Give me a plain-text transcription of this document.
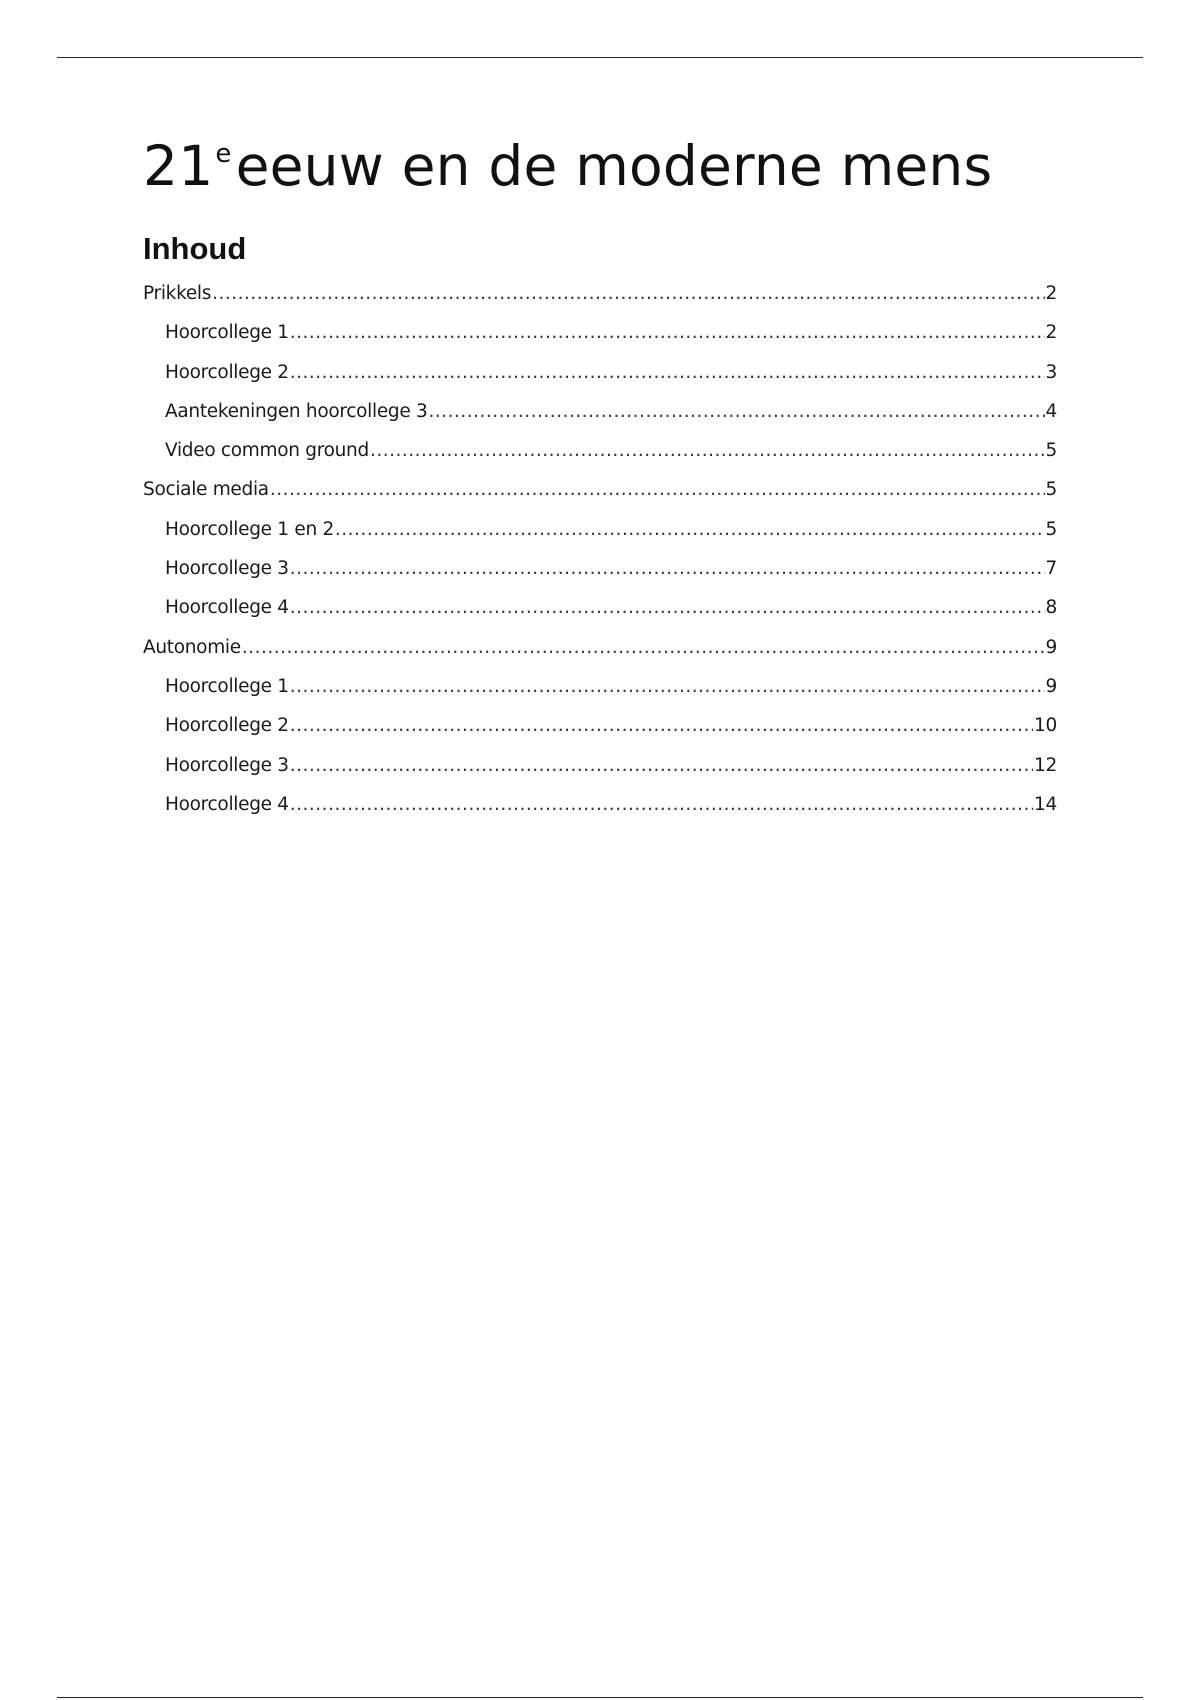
21eeeuw en de moderne mens
Inhoud
Prikkels .....	2
Hoorcollege 1 .....	2
Hoorcollege 2 .....	3
Aantekeningen hoorcollege 3 .....	4
Video common ground .....	5
Sociale media .....	5
Hoorcollege 1 en 2 .....	5
Hoorcollege 3 .....	7
Hoorcollege 4 .....	8
Autonomie .....	9
Hoorcollege 1 .....	9
Hoorcollege 2 .....	10
Hoorcollege 3 .....	12
Hoorcollege 4 .....	14
